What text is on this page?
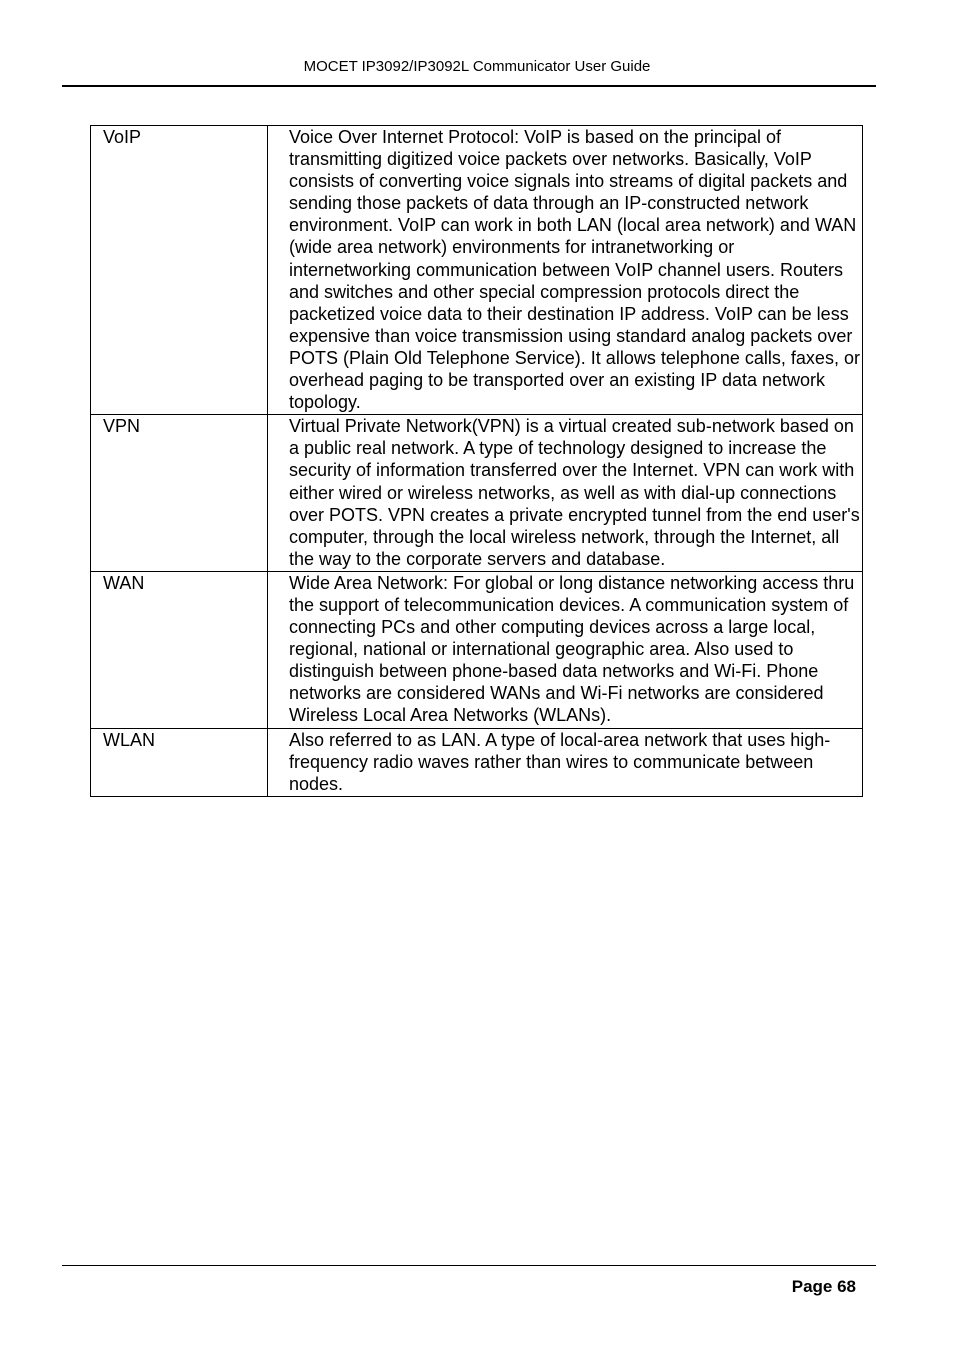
MOCET IP3092/IP3092L Communicator User Guide
VoIP	Voice Over Internet Protocol: VoIP is based on the principal of transmitting digitized voice packets over networks. Basically, VoIP consists of converting voice signals into streams of digital packets and sending those packets of data through an IP-constructed network environment. VoIP can work in both LAN (local area network) and WAN (wide area network) environments for intranetworking or internetworking communication between VoIP channel users. Routers and switches and other special compression protocols direct the packetized voice data to their destination IP address. VoIP can be less expensive than voice transmission using standard analog packets over POTS (Plain Old Telephone Service). It allows telephone calls, faxes, or overhead paging to be transported over an existing IP data network topology.
VPN	Virtual Private Network(VPN) is a virtual created sub-network based on a public real network. A type of technology designed to increase the security of information transferred over the Internet. VPN can work with either wired or wireless networks, as well as with dial-up connections over POTS. VPN creates a private encrypted tunnel from the end user's computer, through the local wireless network, through the Internet, all the way to the corporate servers and database.
WAN	Wide Area Network: For global or long distance networking access thru the support of telecommunication devices. A communication system of connecting PCs and other computing devices across a large local, regional, national or international geographic area. Also used to distinguish between phone-based data networks and Wi-Fi. Phone networks are considered WANs and Wi-Fi networks are considered Wireless Local Area Networks (WLANs).
WLAN	Also referred to as LAN. A type of local-area network that uses high-frequency radio waves rather than wires to communicate between nodes.
Page 68
